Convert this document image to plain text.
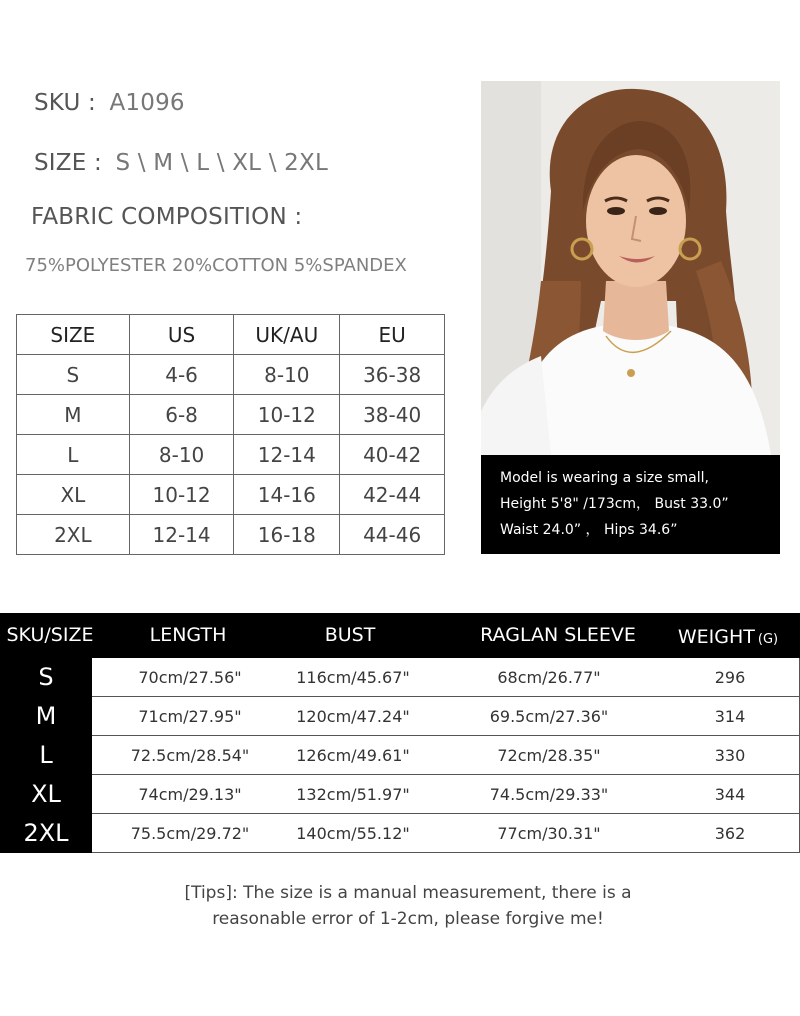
SKU : A1096
SIZE : S \ M \ L \ XL \ 2XL
FABRIC COMPOSITION :
75%POLYESTER 20%COTTON 5%SPANDEX
SIZE	US	UK/AU	EU
S	4-6	8-10	36-38
M	6-8	10-12	38-40
L	8-10	12-14	40-42
XL	10-12	14-16	42-44
2XL	12-14	16-18	44-46
Model is wearing a size small,
Height 5'8" /173cm， Bust 33.0”
Waist 24.0” ， Hips 34.6”
SKU/SIZE	LENGTH	BUST	RAGLAN SLEEVE	WEIGHT (G)
S	70cm/27.56"	116cm/45.67"	68cm/26.77"	296
M	71cm/27.95"	120cm/47.24"	69.5cm/27.36"	314
L	72.5cm/28.54"	126cm/49.61"	72cm/28.35"	330
XL	74cm/29.13"	132cm/51.97"	74.5cm/29.33"	344
2XL	75.5cm/29.72"	140cm/55.12"	77cm/30.31"	362
[Tips]: The size is a manual measurement, there is a
reasonable error of 1-2cm, please forgive me!
